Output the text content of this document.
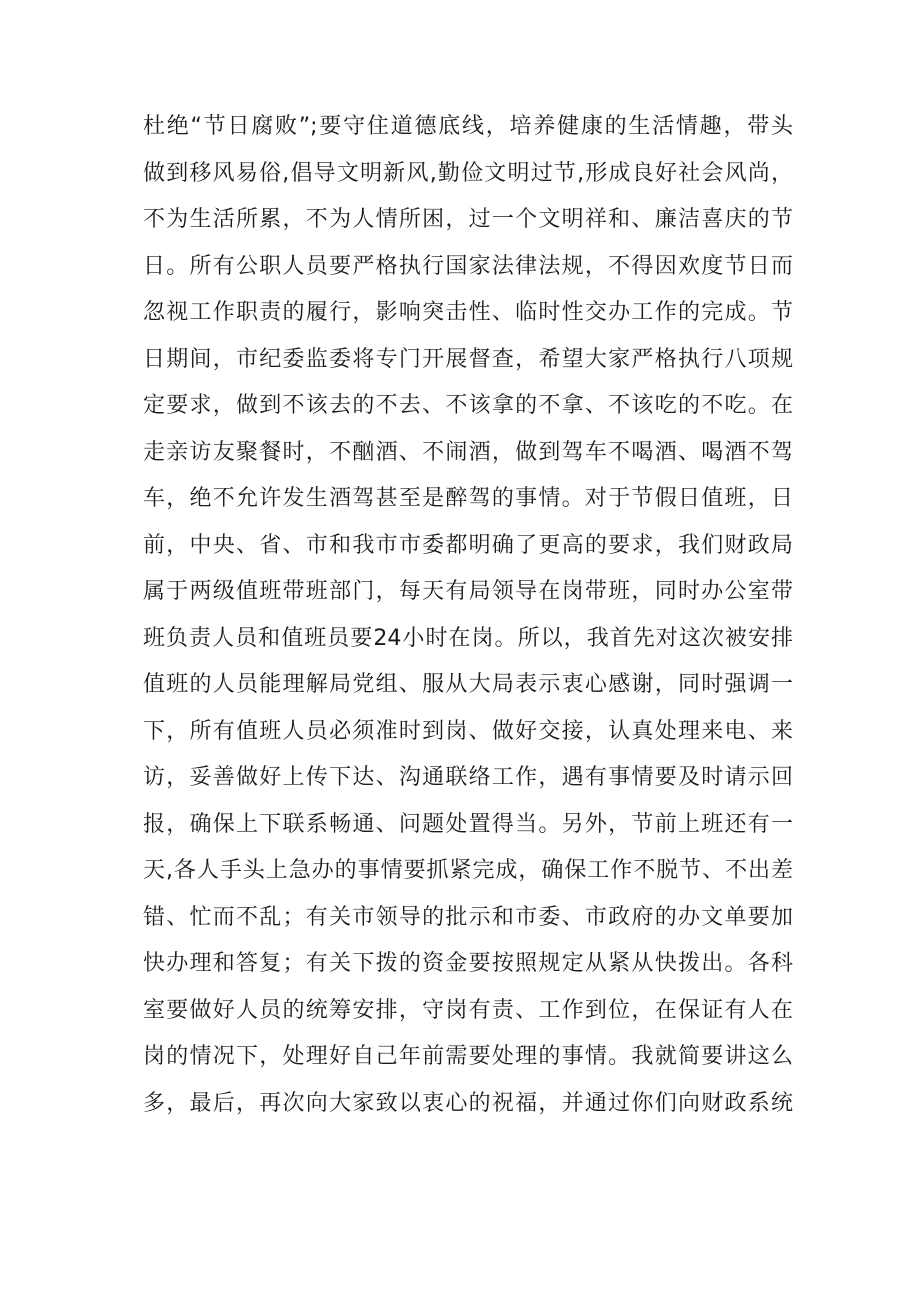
杜绝“节日腐败”;要守住道德底线，培养健康的生活情趣，带头
做到移风易俗,倡导文明新风,勤俭文明过节,形成良好社会风尚，
不为生活所累，不为人情所困，过一个文明祥和、廉洁喜庆的节
日。所有公职人员要严格执行国家法律法规，不得因欢度节日而
忽视工作职责的履行，影响突击性、临时性交办工作的完成。节
日期间，市纪委监委将专门开展督查，希望大家严格执行八项规
定要求，做到不该去的不去、不该拿的不拿、不该吃的不吃。在
走亲访友聚餐时，不酗酒、不闹酒，做到驾车不喝酒、喝酒不驾
车，绝不允许发生酒驾甚至是醉驾的事情。对于节假日值班，日
前，中央、省、市和我市市委都明确了更高的要求，我们财政局
属于两级值班带班部门，每天有局领导在岗带班，同时办公室带
班负责人员和值班员要24小时在岗。所以，我首先对这次被安排
值班的人员能理解局党组、服从大局表示衷心感谢，同时强调一
下，所有值班人员必须准时到岗、做好交接，认真处理来电、来
访，妥善做好上传下达、沟通联络工作，遇有事情要及时请示回
报，确保上下联系畅通、问题处置得当。另外，节前上班还有一
天,各人手头上急办的事情要抓紧完成，确保工作不脱节、不出差
错、忙而不乱；有关市领导的批示和市委、市政府的办文单要加
快办理和答复；有关下拨的资金要按照规定从紧从快拨出。各科
室要做好人员的统筹安排，守岗有责、工作到位，在保证有人在
岗的情况下，处理好自己年前需要处理的事情。我就简要讲这么
多，最后，再次向大家致以衷心的祝福，并通过你们向财政系统
